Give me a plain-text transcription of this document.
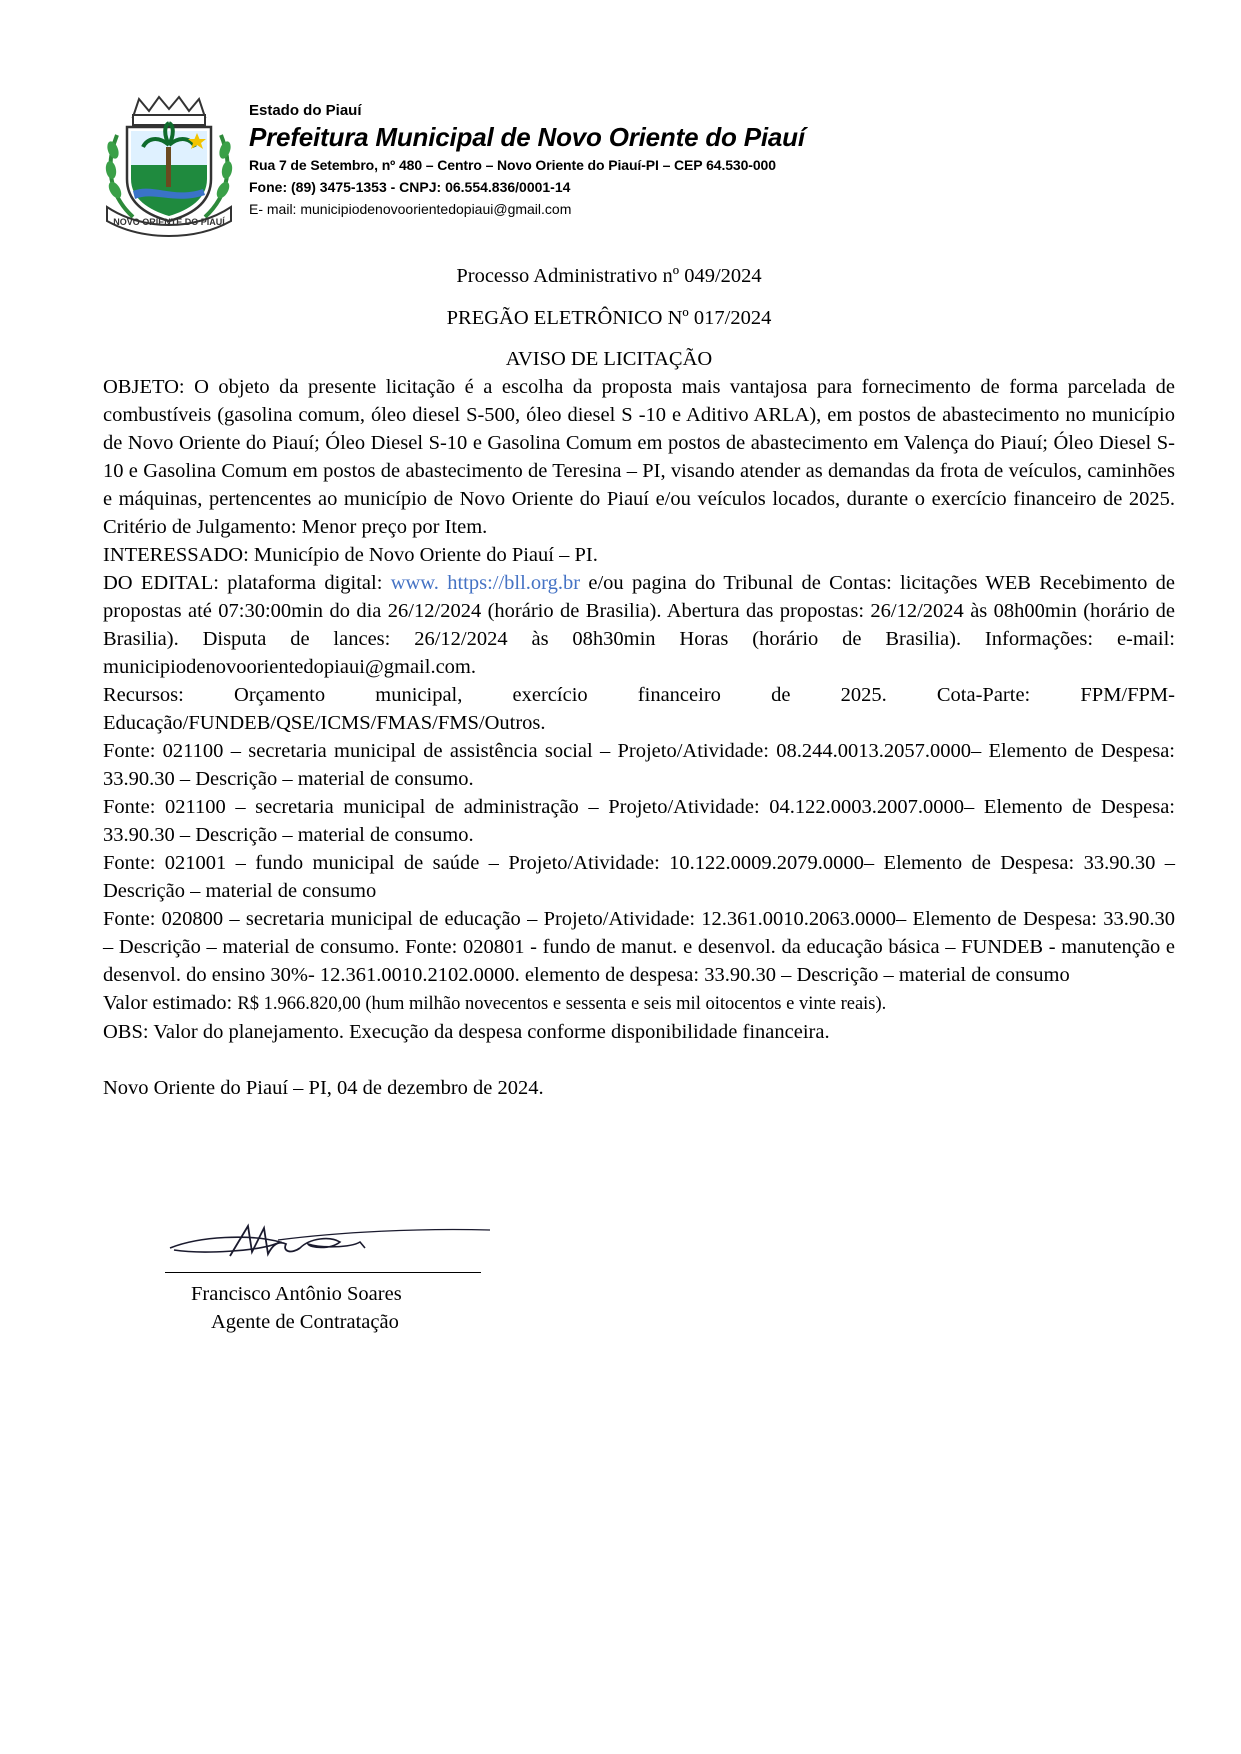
NOVO ORIENTE DO PIAUÍ
Estado do Piauí
Prefeitura Municipal de Novo Oriente do Piauí
Rua 7 de Setembro, nº 480 – Centro – Novo Oriente do Piauí-PI – CEP 64.530-000
Fone: (89) 3475-1353 - CNPJ: 06.554.836/0001-14
E- mail: municipiodenovoorientedopiaui@gmail.com
Processo Administrativo nº 049/2024
PREGÃO ELETRÔNICO Nº 017/2024
AVISO DE LICITAÇÃO

OBJETO: O objeto da presente licitação é a escolha da proposta mais vantajosa para fornecimento de forma parcelada de combustíveis (gasolina comum, óleo diesel S-500, óleo diesel S -10 e Aditivo ARLA), em postos de abastecimento no município de Novo Oriente do Piauí; Óleo Diesel S-10 e Gasolina Comum em postos de abastecimento em Valença do Piauí; Óleo Diesel S-10 e Gasolina Comum em postos de abastecimento de Teresina – PI, visando atender as demandas da frota de veículos, caminhões e máquinas, pertencentes ao município de Novo Oriente do Piauí e/ou veículos locados, durante o exercício financeiro de 2025. Critério de Julgamento: Menor preço por Item.

INTERESSADO: Município de Novo Oriente do Piauí – PI.

DO EDITAL: plataforma digital: www. https://bll.org.br e/ou pagina do Tribunal de Contas: licitações WEB Recebimento de propostas até 07:30:00min do dia 26/12/2024 (horário de Brasilia). Abertura das propostas: 26/12/2024 às 08h00min (horário de Brasilia). Disputa de lances: 26/12/2024 às 08h30min Horas (horário de Brasilia). Informações: e-mail: municipiodenovoorientedopiaui@gmail.com.

Recursos: Orçamento municipal, exercício financeiro de 2025. Cota-Parte: FPM/FPM-Educação/FUNDEB/QSE/ICMS/FMAS/FMS/Outros.

Fonte: 021100 – secretaria municipal de assistência social – Projeto/Atividade: 08.244.0013.2057.0000– Elemento de Despesa: 33.90.30 – Descrição – material de consumo.

Fonte: 021100 – secretaria municipal de administração – Projeto/Atividade: 04.122.0003.2007.0000– Elemento de Despesa: 33.90.30 – Descrição – material de consumo.

Fonte: 021001 – fundo municipal de saúde – Projeto/Atividade: 10.122.0009.2079.0000– Elemento de Despesa: 33.90.30 – Descrição – material de consumo

Fonte: 020800 – secretaria municipal de educação – Projeto/Atividade: 12.361.0010.2063.0000– Elemento de Despesa: 33.90.30 – Descrição – material de consumo. Fonte: 020801 - fundo de manut. e desenvol. da educação básica – FUNDEB - manutenção e desenvol. do ensino 30%- 12.361.0010.2102.0000. elemento de despesa: 33.90.30 – Descrição – material de consumo

Valor estimado: R$ 1.966.820,00 (hum milhão novecentos e sessenta e seis mil oitocentos e vinte reais).

OBS: Valor do planejamento. Execução da despesa conforme disponibilidade financeira.

Novo Oriente do Piauí – PI, 04 de dezembro de 2024.

Francisco Antônio Soares
Agente de Contratação
